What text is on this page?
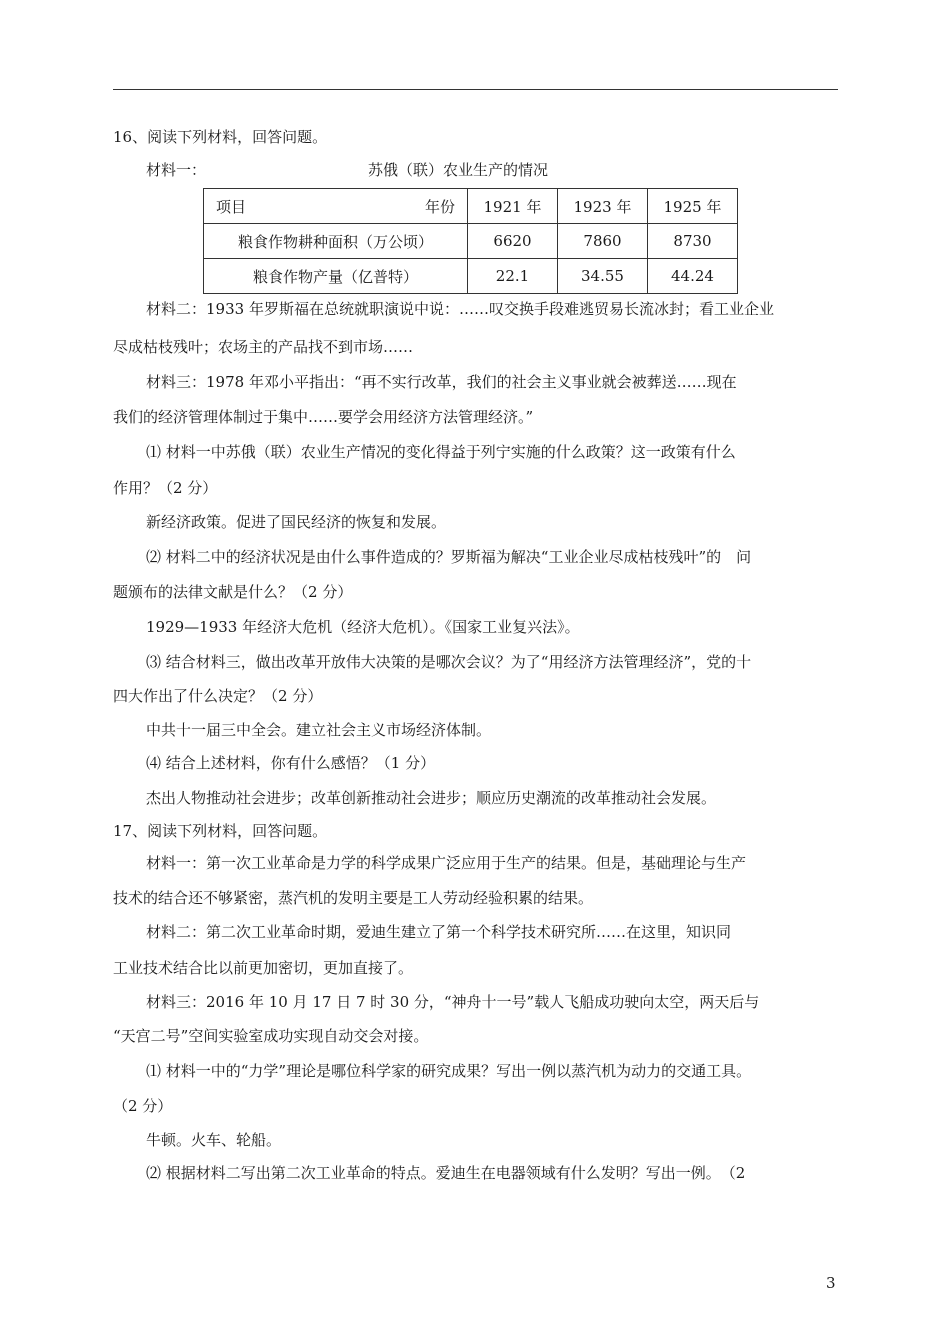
16、阅读下列材料，回答问题。
材料一：	苏俄（联）农业生产的情况
项目 年份	1921 年	1923 年	1925 年
粮食作物耕种面积（万公顷）	6620	7860	8730
粮食作物产量（亿普特）	22.1	34.55	44.24
材料二：1933 年罗斯福在总统就职演说中说：……叹交换手段难逃贸易长流冰封；看工业企业
尽成枯枝残叶；农场主的产品找不到市场……
材料三：1978 年邓小平指出：“再不实行改革，我们的社会主义事业就会被葬送……现在
我们的经济管理体制过于集中……要学会用经济方法管理经济。”
⑴ 材料一中苏俄（联）农业生产情况的变化得益于列宁实施的什么政策？这一政策有什么
作用？（2 分）
新经济政策。促进了国民经济的恢复和发展。
⑵ 材料二中的经济状况是由什么事件造成的？罗斯福为解决“工业企业尽成枯枝残叶”的　问
题颁布的法律文献是什么？（2 分）
1929—1933 年经济大危机（经济大危机）。《国家工业复兴法》。
⑶ 结合材料三，做出改革开放伟大决策的是哪次会议？为了“用经济方法管理经济”，党的十
四大作出了什么决定？（2 分）
中共十一届三中全会。建立社会主义市场经济体制。
⑷ 结合上述材料，你有什么感悟？（1 分）
杰出人物推动社会进步；改革创新推动社会进步；顺应历史潮流的改革推动社会发展。
17、阅读下列材料，回答问题。
材料一：第一次工业革命是力学的科学成果广泛应用于生产的结果。但是，基础理论与生产
技术的结合还不够紧密，蒸汽机的发明主要是工人劳动经验积累的结果。
材料二：第二次工业革命时期，爱迪生建立了第一个科学技术研究所……在这里，知识同
工业技术结合比以前更加密切，更加直接了。
材料三：2016 年 10 月 17 日 7 时 30 分，“神舟十一号”载人飞船成功驶向太空，两天后与
“天宫二号”空间实验室成功实现自动交会对接。
⑴ 材料一中的“力学”理论是哪位科学家的研究成果？写出一例以蒸汽机为动力的交通工具。
（2 分）
牛顿。火车、轮船。
⑵ 根据材料二写出第二次工业革命的特点。爱迪生在电器领域有什么发明？写出一例。　（2
3
